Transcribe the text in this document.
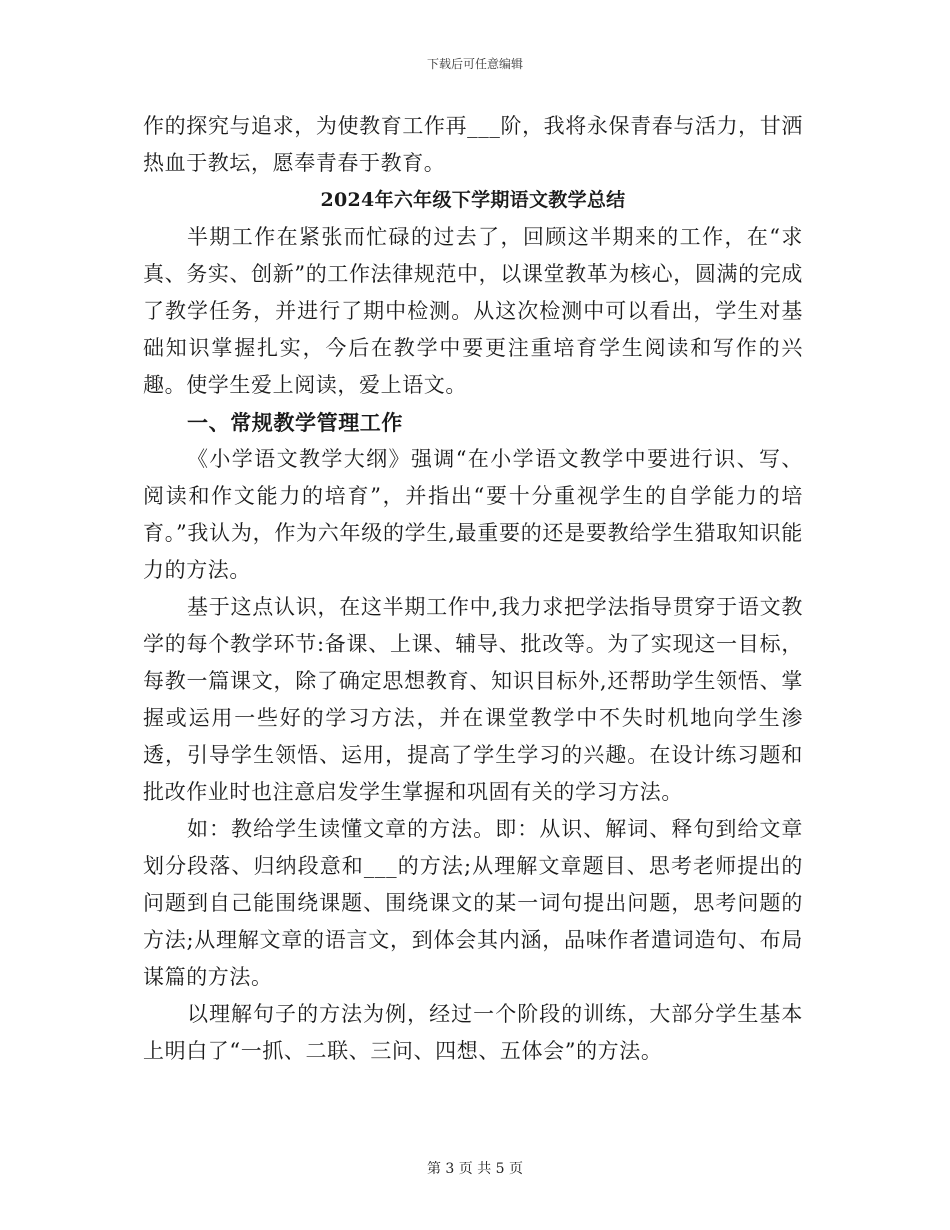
下载后可任意编辑

作的探究与追求，为使教育工作再___阶，我将永保青春与活力，甘洒热血于教坛，愿奉青春于教育。

2024年六年级下学期语文教学总结

半期工作在紧张而忙碌的过去了，回顾这半期来的工作，在“求真、务实、创新”的工作法律规范中，以课堂教革为核心，圆满的完成了教学任务，并进行了期中检测。从这次检测中可以看出，学生对基础知识掌握扎实，今后在教学中要更注重培育学生阅读和写作的兴趣。使学生爱上阅读，爱上语文。

一、常规教学管理工作

《小学语文教学大纲》强调“在小学语文教学中要进行识、写、阅读和作文能力的培育”，并指出“要十分重视学生的自学能力的培育。”我认为，作为六年级的学生,最重要的还是要教给学生猎取知识能力的方法。

基于这点认识，在这半期工作中,我力求把学法指导贯穿于语文教学的每个教学环节:备课、上课、辅导、批改等。为了实现这一目标，每教一篇课文，除了确定思想教育、知识目标外,还帮助学生领悟、掌握或运用一些好的学习方法，并在课堂教学中不失时机地向学生渗透，引导学生领悟、运用，提高了学生学习的兴趣。在设计练习题和批改作业时也注意启发学生掌握和巩固有关的学习方法。

如：教给学生读懂文章的方法。即：从识、解词、释句到给文章划分段落、归纳段意和___的方法;从理解文章题目、思考老师提出的问题到自己能围绕课题、围绕课文的某一词句提出问题，思考问题的方法;从理解文章的语言文，到体会其内涵，品味作者遣词造句、布局谋篇的方法。

以理解句子的方法为例，经过一个阶段的训练，大部分学生基本上明白了“一抓、二联、三问、四想、五体会”的方法。

第 3 页 共 5 页
